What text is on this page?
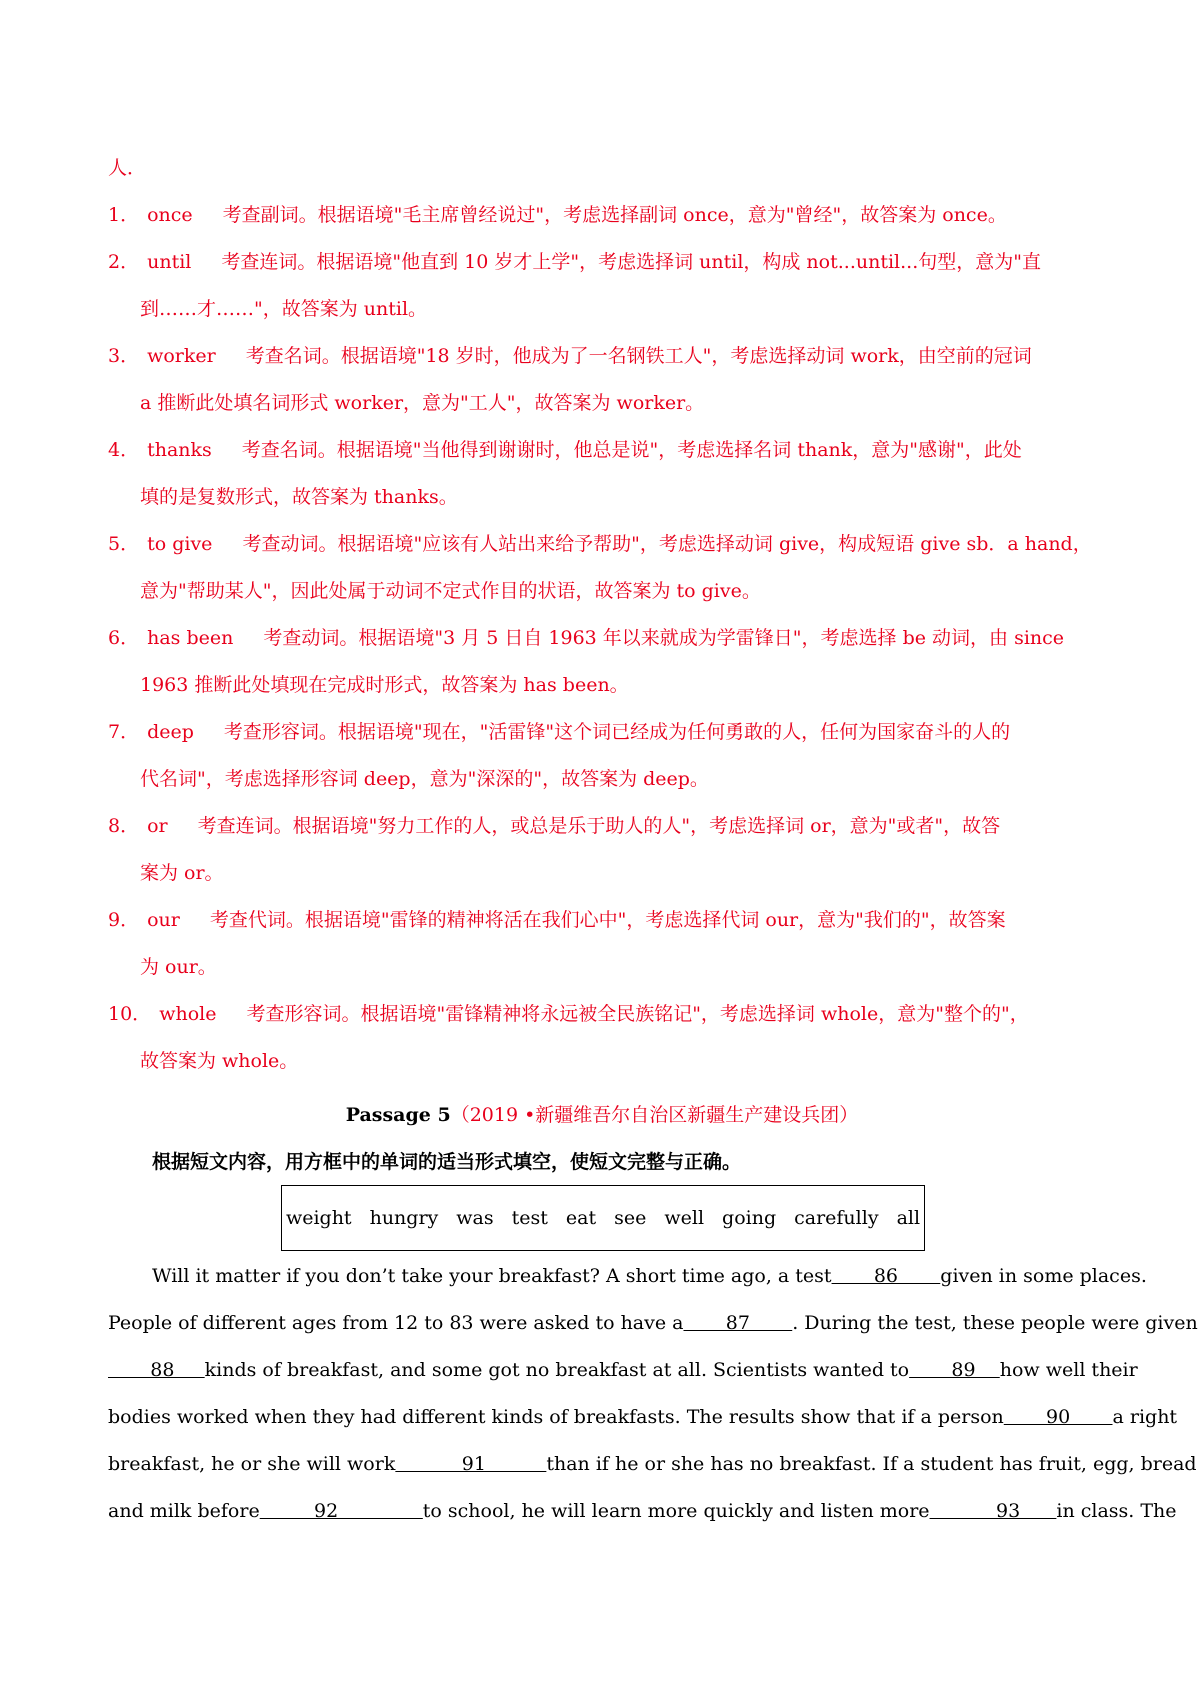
人．
1． once 考查副词。根据语境"毛主席曾经说过"，考虑选择副词 once，意为"曾经"，故答案为 once。
2． until 考查连词。根据语境"他直到 10 岁才上学"，考虑选择词 until，构成 not...until...句型，意为"直
到……才……"，故答案为 until。
3． worker 考查名词。根据语境"18 岁时，他成为了一名钢铁工人"，考虑选择动词 work，由空前的冠词
a 推断此处填名词形式 worker，意为"工人"，故答案为 worker。
4． thanks 考查名词。根据语境"当他得到谢谢时，他总是说"，考虑选择名词 thank，意为"感谢"，此处
填的是复数形式，故答案为 thanks。
5． to give 考查动词。根据语境"应该有人站出来给予帮助"，考虑选择动词 give，构成短语 give sb．a hand，
意为"帮助某人"，因此处属于动词不定式作目的状语，故答案为 to give。
6． has been 考查动词。根据语境"3 月 5 日自 1963 年以来就成为学雷锋日"，考虑选择 be 动词，由 since
1963 推断此处填现在完成时形式，故答案为 has been。
7． deep 考查形容词。根据语境"现在，"活雷锋"这个词已经成为任何勇敢的人，任何为国家奋斗的人的
代名词"，考虑选择形容词 deep，意为"深深的"，故答案为 deep。
8． or 考查连词。根据语境"努力工作的人，或总是乐于助人的人"，考虑选择词 or，意为"或者"，故答
案为 or。
9． our 考查代词。根据语境"雷锋的精神将活在我们心中"，考虑选择代词 our，意为"我们的"，故答案
为 our。
10． whole 考查形容词。根据语境"雷锋精神将永远被全民族铭记"，考虑选择词 whole，意为"整个的"，
故答案为 whole。
Passage 5（2019 •新疆维吾尔自治区新疆生产建设兵团）
根据短文内容，用方框中的单词的适当形式填空，使短文完整与正确。
weight hungry was test eat see well going carefully all
Will it matter if you don’t take your breakfast? A short time ago, a test 86 given in some places.
People of different ages from 12 to 83 were asked to have a 87 . During the test, these people were given
88 kinds of breakfast, and some got no breakfast at all. Scientists wanted to 89 how well their
bodies worked when they had different kinds of breakfasts. The results show that if a person 90 a right
breakfast, he or she will work 91 than if he or she has no breakfast. If a student has fruit, egg, bread
and milk before 92 to school, he will learn more quickly and listen more 93 in class. The
